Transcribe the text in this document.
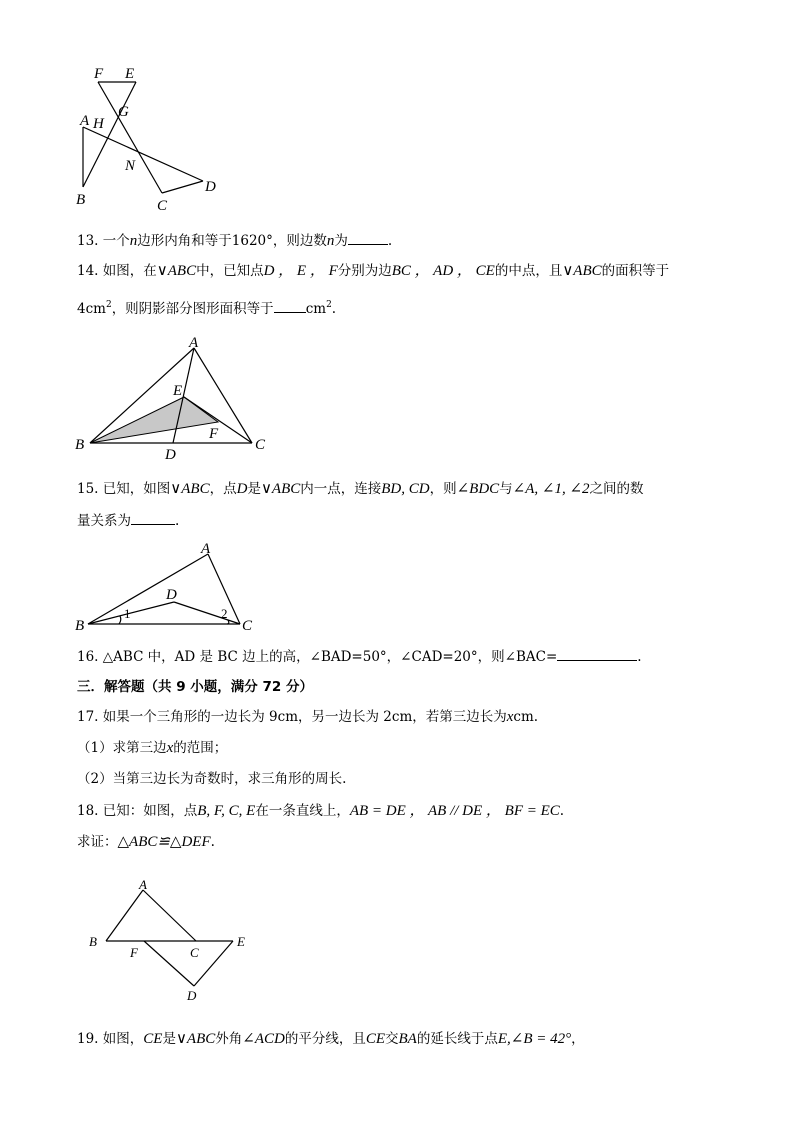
F E
G
A H
N
B	C
D
13. 一个n边形内角和等于1620°，则边数n为	.
14. 如图，在∨ABC中，已知点D ， E ， F分别为边BC ， AD ， CE的中点，且∨ABC的面积等于
$4cm^2$，则阴影部分图形面积等于 $cm^2$.
A
E
F
B
D
C
15. 已知，如图∨ABC，点D是∨ABC内一点，连接BD, CD，则∠BDC与∠A, ∠1, ∠2之间的数
量关系为	.
A
D
B	C
1	2
16. △ABC 中，AD 是 BC 边上的高，∠BAD=50°，∠CAD=20°，则∠BAC=	.
三．解答题（共 9 小题，满分 72 分）
17. 如果一个三角形的一边长为 9cm，另一边长为 2cm，若第三边长为xcm.
（1）求第三边x的范围；
（2）当第三边长为奇数时，求三角形的周长.
18. 已知：如图，点B, F, C, E在一条直线上，AB = DE ， AB // DE ， BF = EC.
求证：△ABC≌△DEF.
A
B
F	C
E
D
19. 如图，CE是∨ABC外角∠ACD的平分线，且CE交BA的延长线于点E,∠B = 42°，
